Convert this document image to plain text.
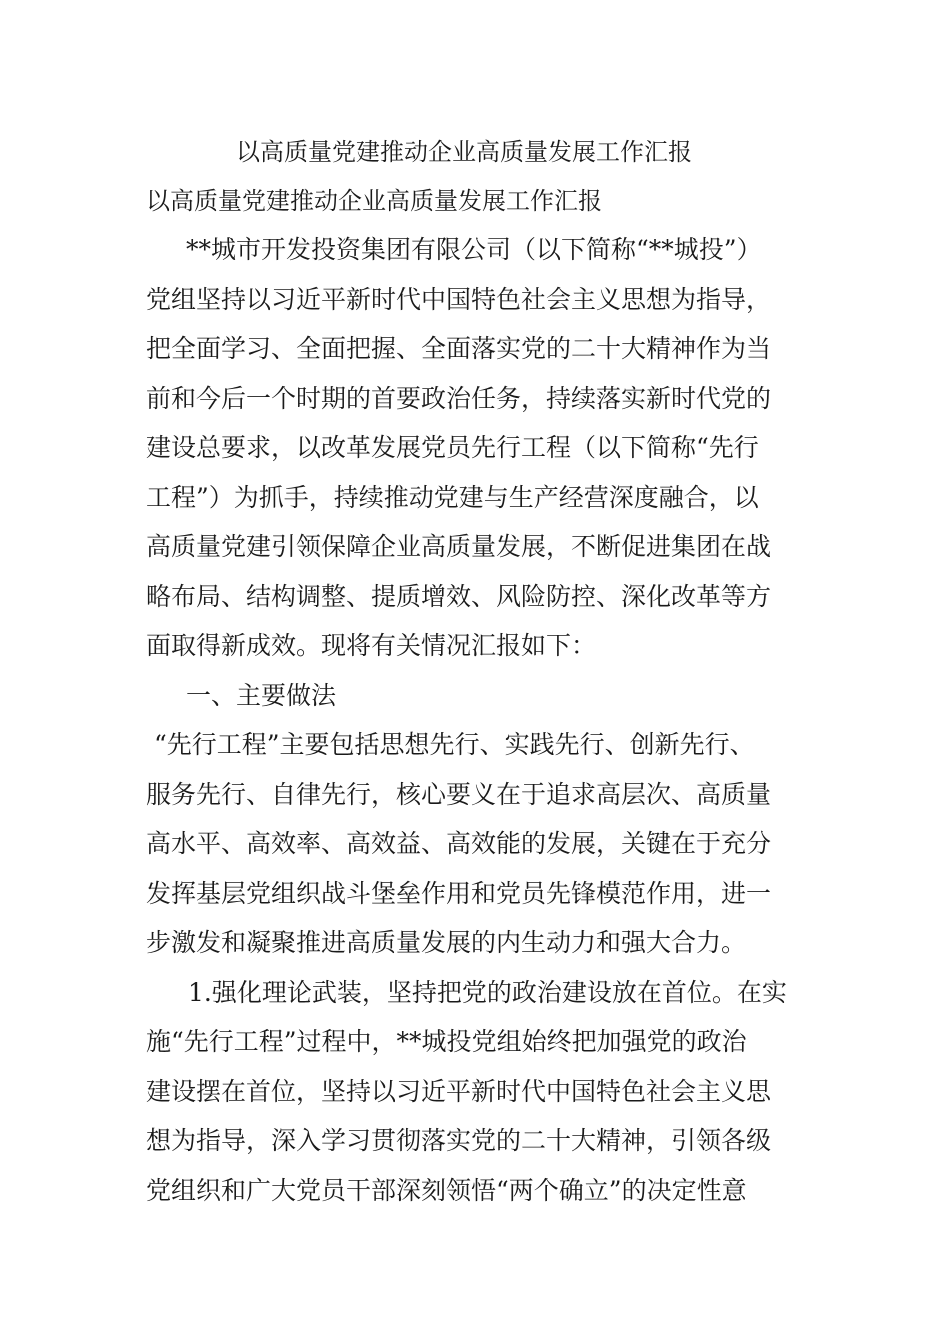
以高质量党建推动企业高质量发展工作汇报
以高质量党建推动企业高质量发展工作汇报
**城市开发投资集团有限公司（以下简称“**城投”）
党组坚持以习近平新时代中国特色社会主义思想为指导，
把全面学习、全面把握、全面落实党的二十大精神作为当
前和今后一个时期的首要政治任务，持续落实新时代党的
建设总要求，以改革发展党员先行工程（以下简称“先行
工程”）为抓手，持续推动党建与生产经营深度融合，以
高质量党建引领保障企业高质量发展，不断促进集团在战
略布局、结构调整、提质增效、风险防控、深化改革等方
面取得新成效。现将有关情况汇报如下：
一、主要做法
“先行工程”主要包括思想先行、实践先行、创新先行、
服务先行、自律先行，核心要义在于追求高层次、高质量
高水平、高效率、高效益、高效能的发展，关键在于充分
发挥基层党组织战斗堡垒作用和党员先锋模范作用，进一
步激发和凝聚推进高质量发展的内生动力和强大合力。
1.强化理论武装，坚持把党的政治建设放在首位。在实
施“先行工程”过程中，**城投党组始终把加强党的政治
建设摆在首位，坚持以习近平新时代中国特色社会主义思
想为指导，深入学习贯彻落实党的二十大精神，引领各级
党组织和广大党员干部深刻领悟“两个确立”的决定性意
